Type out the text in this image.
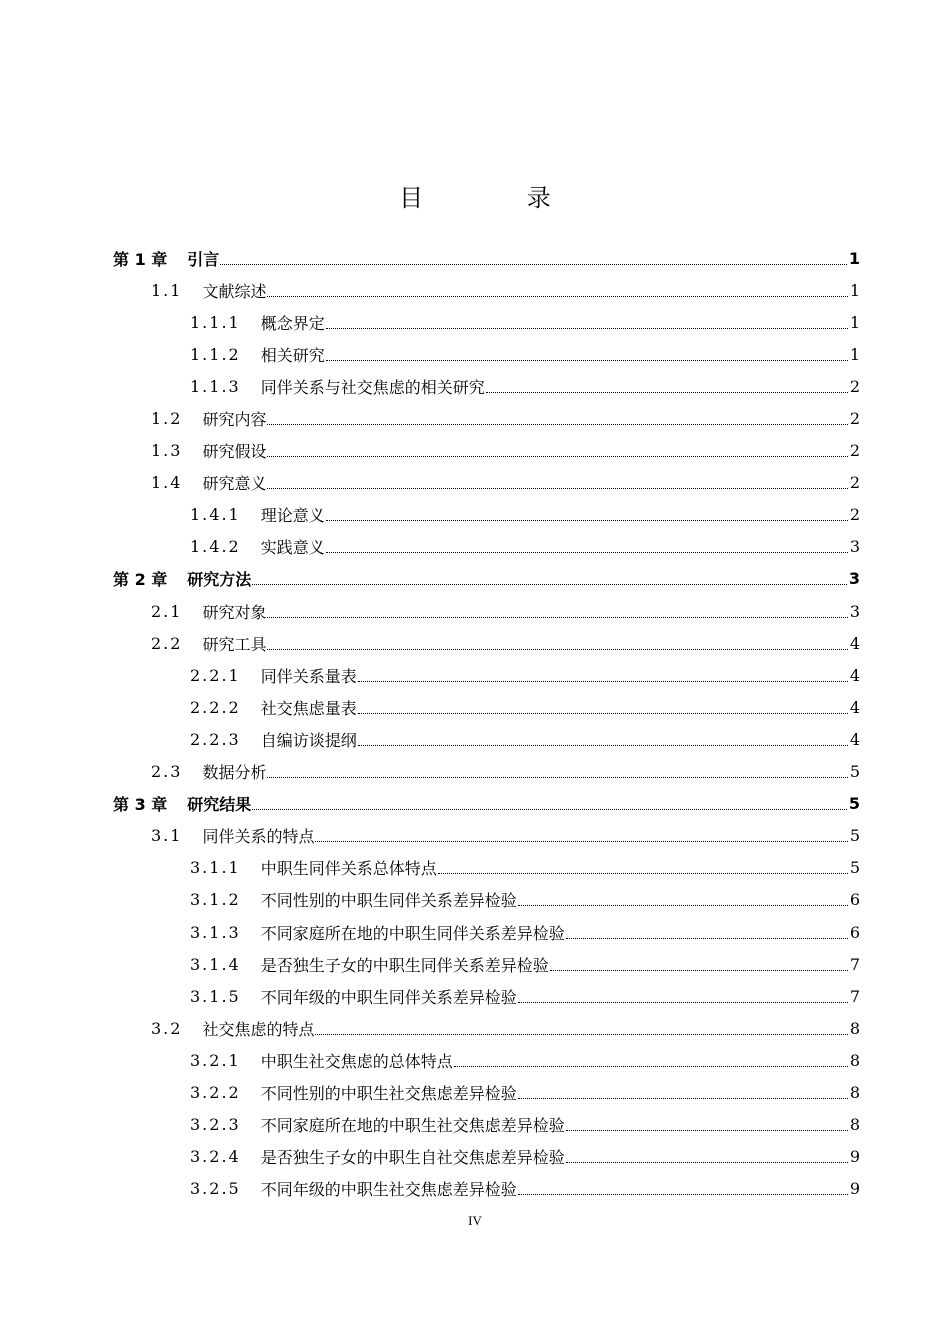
目 录
第 1 章 引言	1
1.1 文献综述	1
1.1.1 概念界定	1
1.1.2 相关研究	1
1.1.3 同伴关系与社交焦虑的相关研究	2
1.2 研究内容	2
1.3 研究假设	2
1.4 研究意义	2
1.4.1 理论意义	2
1.4.2 实践意义	3
第 2 章 研究方法	3
2.1 研究对象	3
2.2 研究工具	4
2.2.1 同伴关系量表	4
2.2.2 社交焦虑量表	4
2.2.3 自编访谈提纲	4
2.3 数据分析	5
第 3 章 研究结果	5
3.1 同伴关系的特点	5
3.1.1 中职生同伴关系总体特点	5
3.1.2 不同性别的中职生同伴关系差异检验	6
3.1.3 不同家庭所在地的中职生同伴关系差异检验	6
3.1.4 是否独生子女的中职生同伴关系差异检验	7
3.1.5 不同年级的中职生同伴关系差异检验	7
3.2 社交焦虑的特点	8
3.2.1 中职生社交焦虑的总体特点	8
3.2.2 不同性别的中职生社交焦虑差异检验	8
3.2.3 不同家庭所在地的中职生社交焦虑差异检验	8
3.2.4 是否独生子女的中职生自社交焦虑差异检验	9
3.2.5 不同年级的中职生社交焦虑差异检验	9
IV
